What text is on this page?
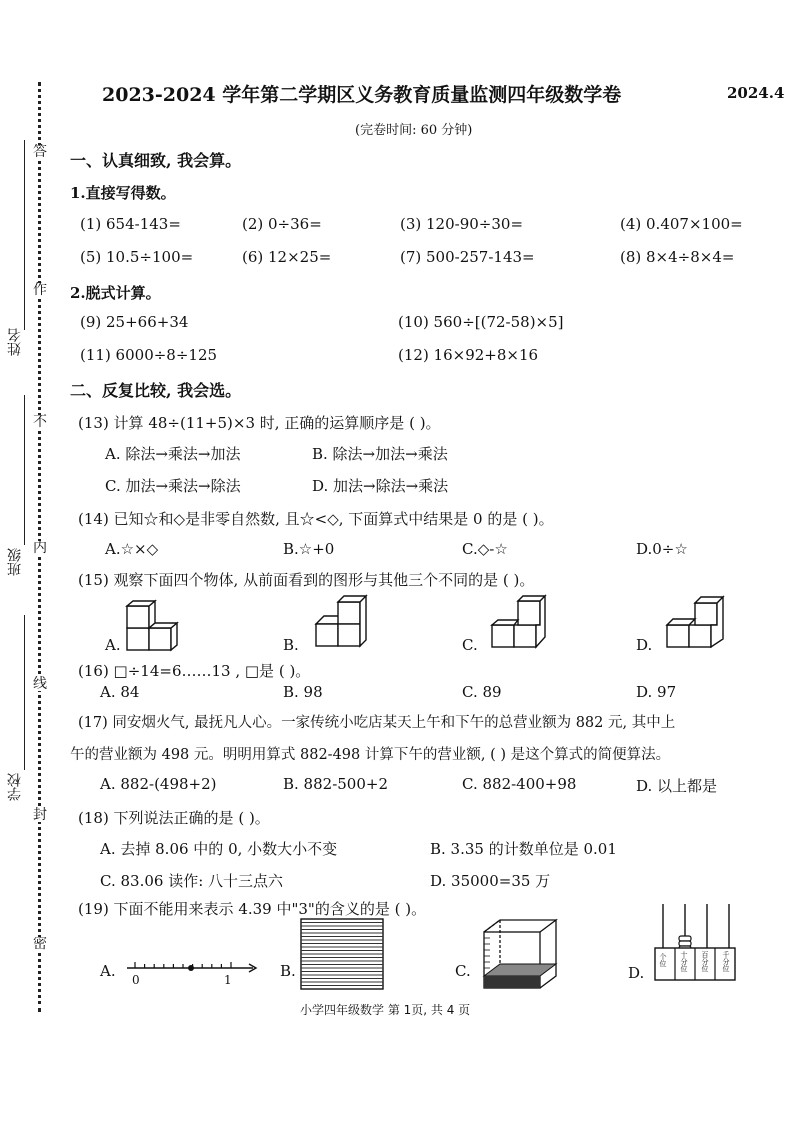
姓名
班级
学校
答
作
不
内
线
封
密
2023-2024 学年第二学期区义务教育质量监测四年级数学卷	2024.4
(完卷时间: 60 分钟)
一、认真细致, 我会算。
1.直接写得数。
(1) 654-143=	(2) 0÷36=	(3) 120-90÷30=	(4) 0.407×100=
(5) 10.5÷100=	(6) 12×25=	(7) 500-257-143=	(8) 8×4÷8×4=
2.脱式计算。
(9) 25+66+34	(10) 560÷[(72-58)×5]
(11) 6000÷8÷125	(12) 16×92+8×16
二、反复比较, 我会选。
(13) 计算 48÷(11+5)×3 时, 正确的运算顺序是 ( )。
A. 除法→乘法→加法	B. 除法→加法→乘法
C. 加法→乘法→除法	D. 加法→除法→乘法
(14) 已知☆和◇是非零自然数, 且☆<◇, 下面算式中结果是 0 的是 ( )。
A.☆×◇	B.☆+0	C.◇-☆	D.0÷☆
(15) 观察下面四个物体, 从前面看到的图形与其他三个不同的是 ( )。
A.	B.	C.	D.
(16) □÷14=6……13 , □是 ( )。
A. 84	B. 98	C. 89	D. 97
(17) 同安烟火气, 最抚凡人心。一家传统小吃店某天上午和下午的总营业额为 882 元, 其中上
午的营业额为 498 元。明明用算式 882-498 计算下午的营业额, ( ) 是这个算式的简便算法。
A. 882-(498+2)	B. 882-500+2	C. 882-400+98	D. 以上都是
(18) 下列说法正确的是 ( )。
A. 去掉 8.06 中的 0, 小数大小不变	B. 3.35 的计数单位是 0.01
C. 83.06 读作: 八十三点六	D. 35000=35 万
(19) 下面不能用来表示 4.39 中"3"的含义的是 ( )。
A.	B.	C.	D.
0	1
个位 十分位 百分位 千分位
小学四年级数学 第 1页, 共 4 页
